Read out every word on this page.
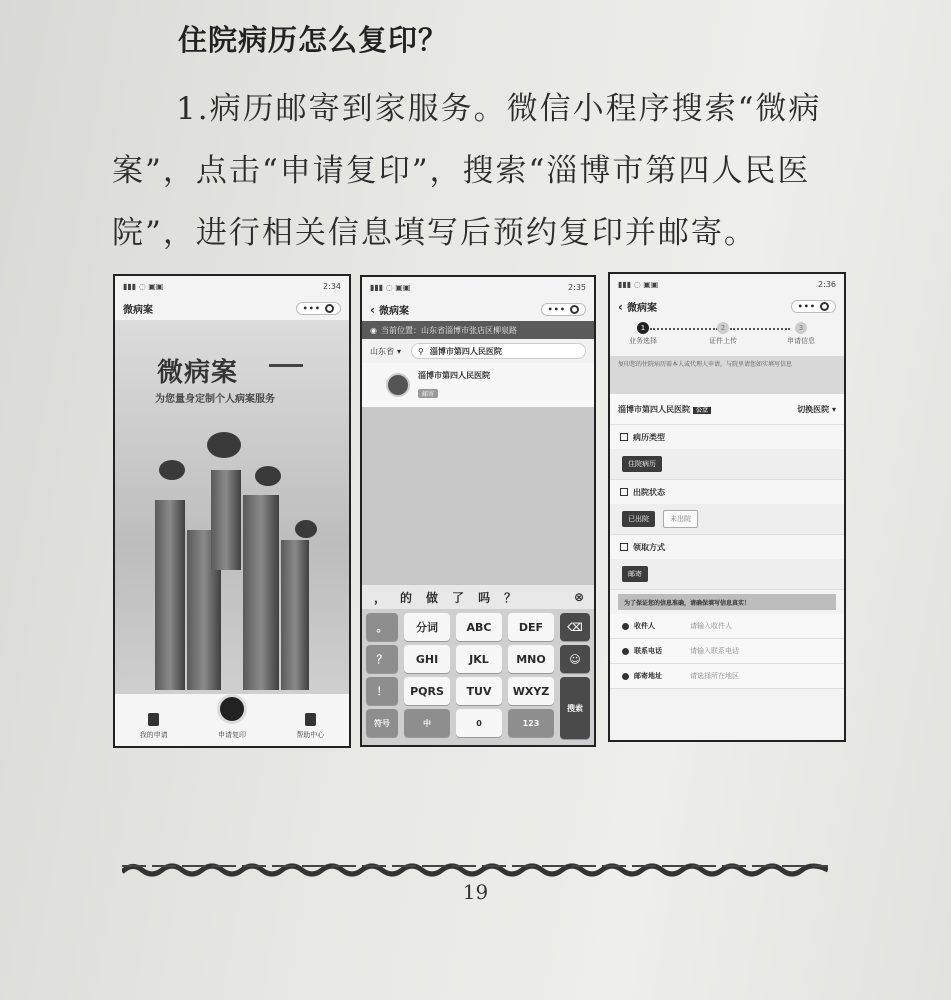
住院病历怎么复印？
1.病历邮寄到家服务。微信小程序搜索“微病案”，点击“申请复印”，搜索“淄博市第四人民医院”，进行相关信息填写后预约复印并邮寄。
▮▮▮ ◌ ▣▣	2:34
微病案	•••
微病案
为您量身定制个人病案服务
我的申请	申请复印	帮助中心
▮▮▮ ◌ ▣▣	2:35
‹ 微病案	•••
◉ 当前位置：山东省淄博市张店区柳泉路
山东省 ▾ ⚲ 淄博市第四人民医院
淄博市第四人民医院
邮寄
， 的 做 了 吗 ？	⊗
。
？
！
分词	ABC	DEF
GHI	JKL	MNO
PQRS	TUV	WXYZ
⌫
☺
搜索
符号	中	0	123
▮▮▮ ◌ ▣▣	2:36
‹ 微病案	•••
1
业务选择
2
证件上传
3
申请信息
复印您的住院病历需本人或代理人申请，与院里请您如实填写信息
淄博市第四人民医院 公立	切换医院 ▾
病历类型
住院病历
出院状态
已出院	未出院
领取方式
邮寄
为了保证您的信息准确，请确保填写信息真实！
收件人	请输入收件人
联系电话	请输入联系电话
邮寄地址	请选择所在地区
19
